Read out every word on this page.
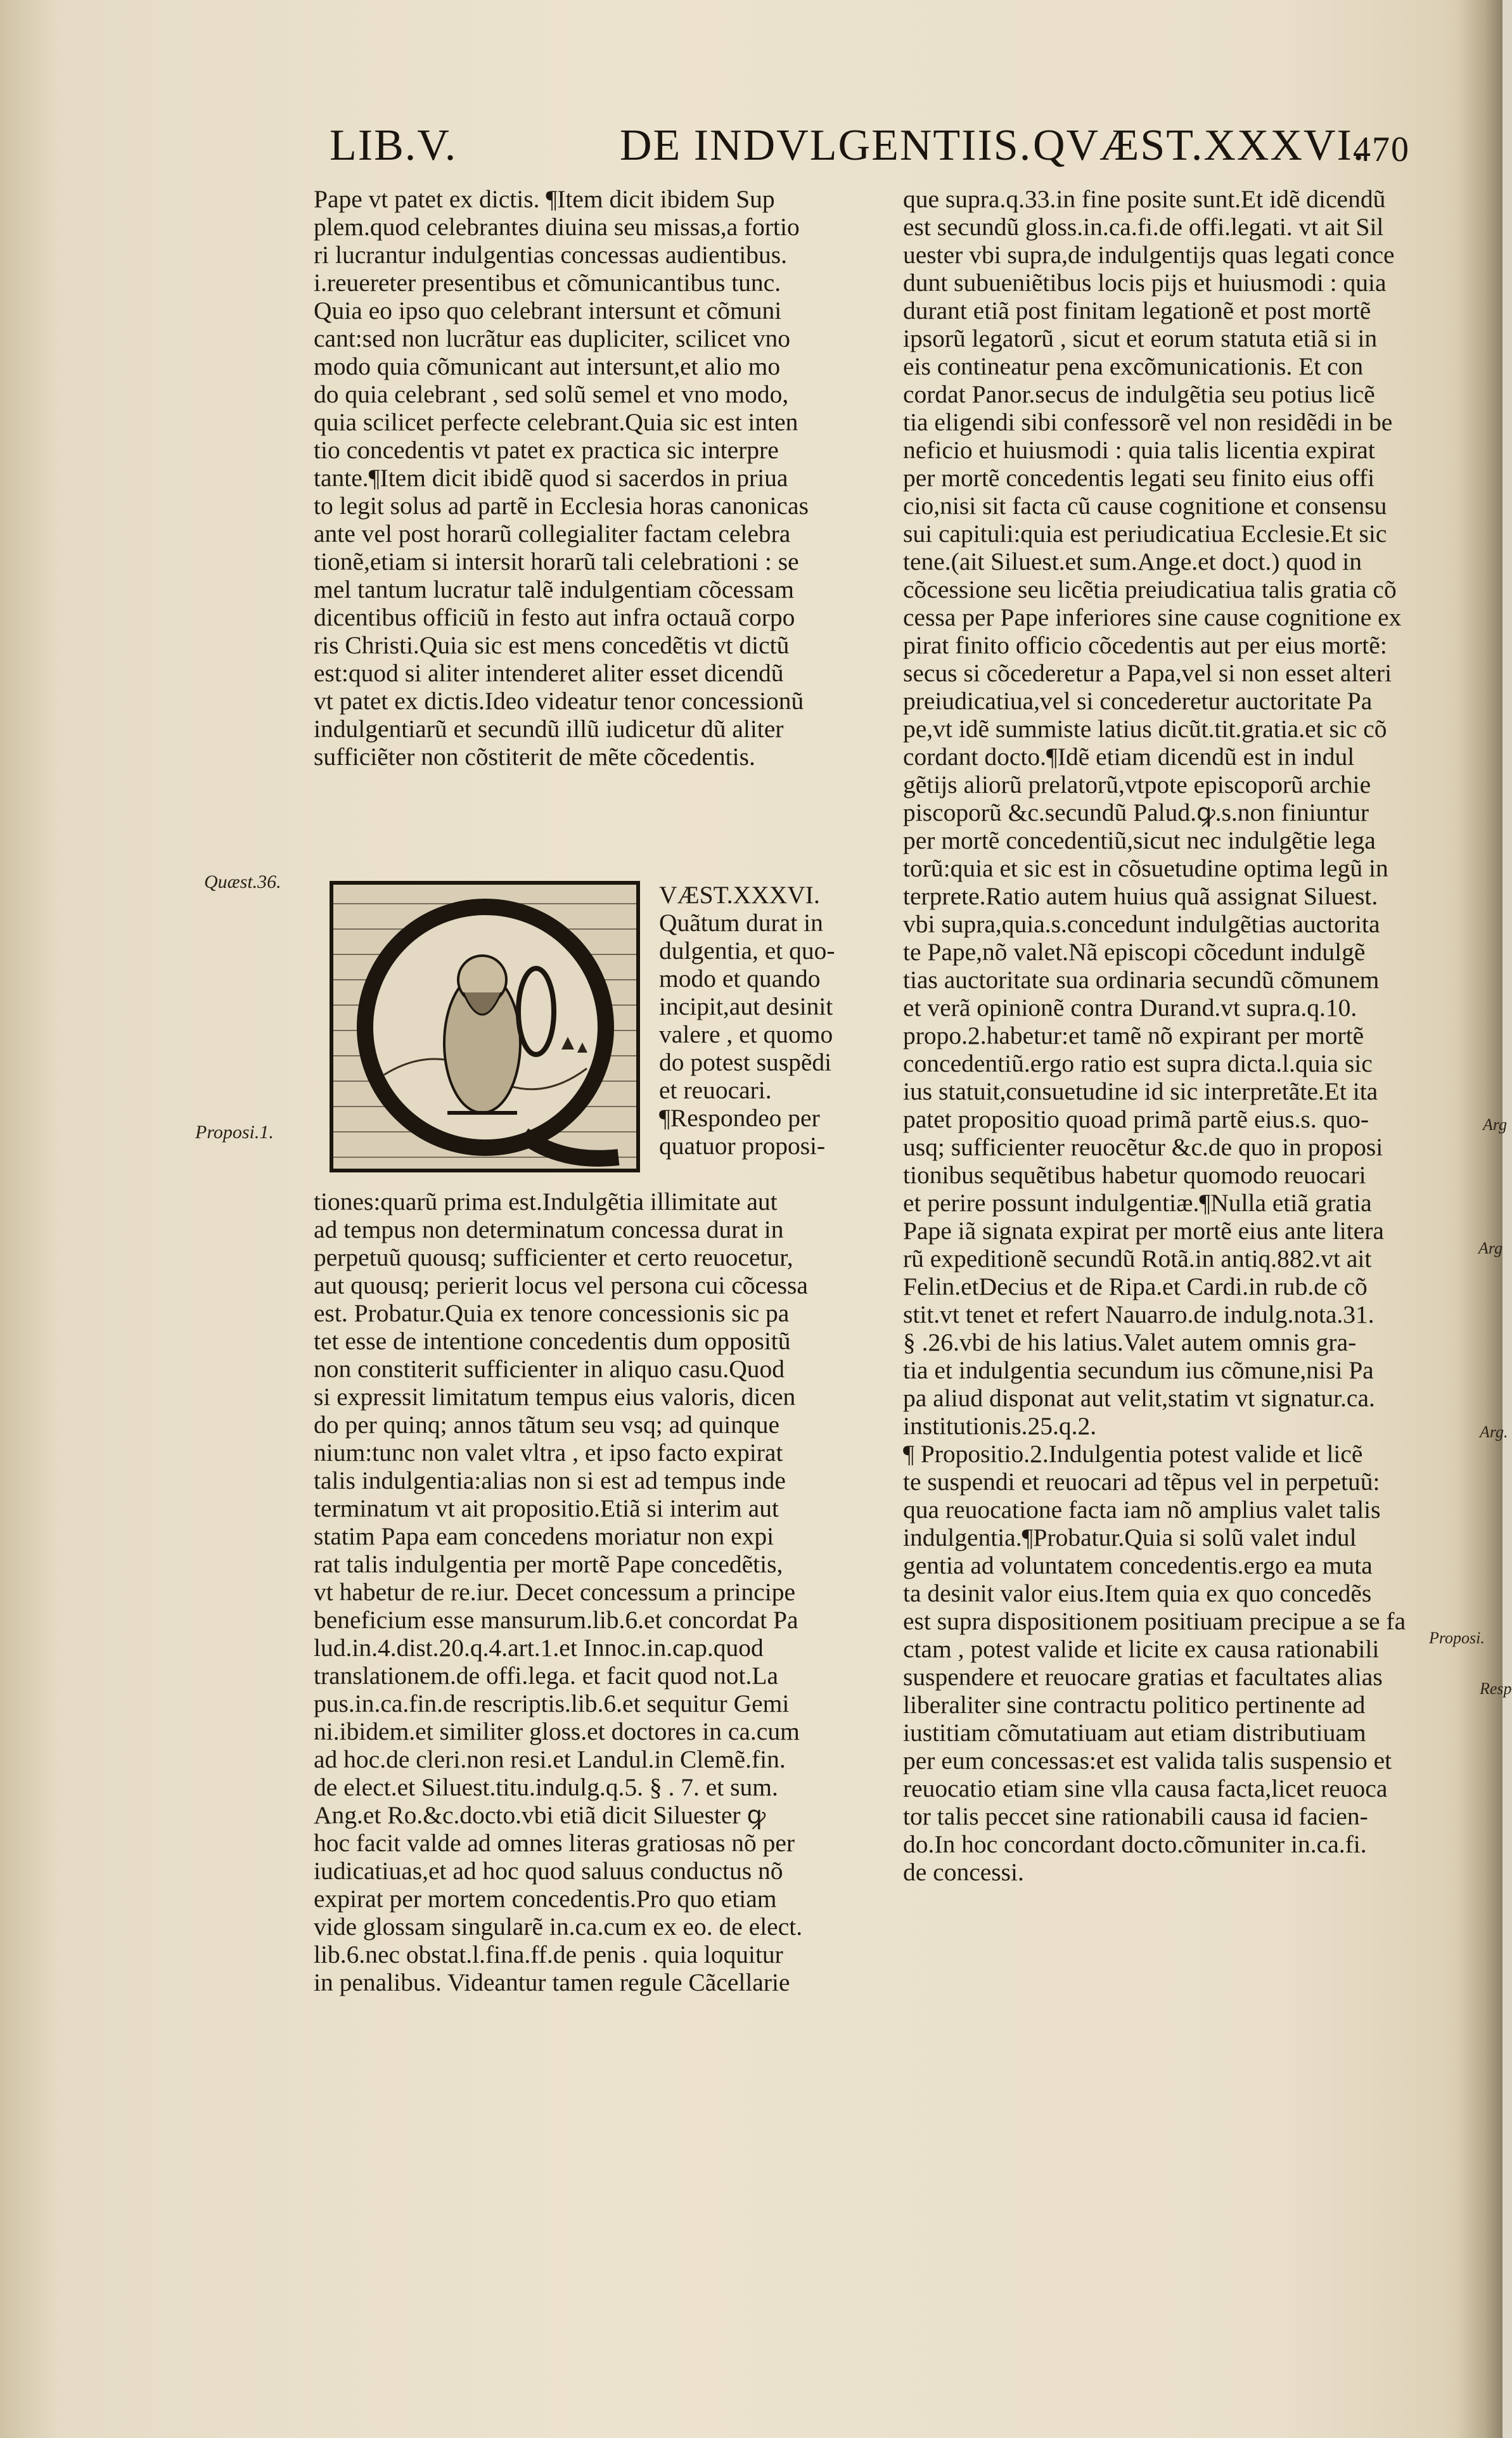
LIB.V.	DE INDVLGENTIIS. QVÆST.XXXVI.
470
Quæst.36.
Proposi.1.
Proposi.
Arg
Arg
Arg.
Resp
Pape vt patet ex dictis. ¶Item dicit ibidem Sup
plem.quod celebrantes diuina seu missas,a fortio
ri lucrantur indulgentias concessas audientibus.
i.reuereter presentibus et cõmunicantibus tunc.
Quia eo ipso quo celebrant intersunt et cõmuni
cant:sed non lucrãtur eas dupliciter, scilicet vno
modo quia cõmunicant aut intersunt,et alio mo
do quia celebrant , sed solũ semel et vno modo,
quia scilicet perfecte celebrant.Quia sic est inten
tio concedentis vt patet ex practica sic interpre
tante.¶Item dicit ibidẽ quod si sacerdos in priua
to legit solus ad partẽ in Ecclesia horas canonicas
ante vel post horarũ collegialiter factam celebra
tionẽ,etiam si intersit horarũ tali celebrationi : se
mel tantum lucratur talẽ indulgentiam cõcessam
dicentibus officiũ in festo aut infra octauã corpo
ris Christi.Quia sic est mens concedẽtis vt dictũ
est:quod si aliter intenderet aliter esset dicendũ
vt patet ex dictis.Ideo videatur tenor concessionũ
indulgentiarũ et secundũ illũ iudicetur dũ aliter
sufficiẽter non cõstiterit de mẽte cõcedentis.
VÆST.XXXVI.
Quãtum durat in
dulgentia, et quo-
modo et quando
incipit,aut desinit
valere , et quomo
do potest suspẽdi
et reuocari.
¶Respondeo per
quatuor proposi-
tiones:quarũ prima est.Indulgẽtia illimitate aut
ad tempus non determinatum concessa durat in
perpetuũ quousq; sufficienter et certo reuocetur,
aut quousq; perierit locus vel persona cui cõcessa
est. Probatur.Quia ex tenore concessionis sic pa
tet esse de intentione concedentis dum oppositũ
non constiterit sufficienter in aliquo casu.Quod
si expressit limitatum tempus eius valoris, dicen
do per quinq; annos tãtum seu vsq; ad quinque
nium:tunc non valet vltra , et ipso facto expirat
talis indulgentia:alias non si est ad tempus inde
terminatum vt ait propositio.Etiã si interim aut
statim Papa eam concedens moriatur non expi
rat talis indulgentia per mortẽ Pape concedẽtis,
vt habetur de re.iur. Decet concessum a principe
beneficium esse mansurum.lib.6.et concordat Pa
lud.in.4.dist.20.q.4.art.1.et Innoc.in.cap.quod
translationem.de offi.lega. et facit quod not.La
pus.in.ca.fin.de rescriptis.lib.6.et sequitur Gemi
ni.ibidem.et similiter gloss.et doctores in ca.cum
ad hoc.de cleri.non resi.et Landul.in Clemẽ.fin.
de elect.et Siluest.titu.indulg.q.5. § . 7. et sum.
Ang.et Ro.&c.docto.vbi etiã dicit Siluester ꝙ
hoc facit valde ad omnes literas gratiosas nõ per
iudicatiuas,et ad hoc quod saluus conductus nõ
expirat per mortem concedentis.Pro quo etiam
vide glossam singularẽ in.ca.cum ex eo. de elect.
lib.6.nec obstat.l.fina.ff.de penis . quia loquitur
in penalibus. Videantur tamen regule Cãcellarie
que supra.q.33.in fine posite sunt.Et idẽ dicendũ
est secundũ gloss.in.ca.fi.de offi.legati. vt ait Sil
uester vbi supra,de indulgentijs quas legati conce
dunt subueniẽtibus locis pijs et huiusmodi : quia
durant etiã post finitam legationẽ et post mortẽ
ipsorũ legatorũ , sicut et eorum statuta etiã si in
eis contineatur pena excõmunicationis. Et con
cordat Panor.secus de indulgẽtia seu potius licẽ
tia eligendi sibi confessorẽ vel non residẽdi in be
neficio et huiusmodi : quia talis licentia expirat
per mortẽ concedentis legati seu finito eius offi
cio,nisi sit facta cũ cause cognitione et consensu
sui capituli:quia est periudicatiua Ecclesie.Et sic
tene.(ait Siluest.et sum.Ange.et doct.) quod in
cõcessione seu licẽtia preiudicatiua talis gratia cõ
cessa per Pape inferiores sine cause cognitione ex
pirat finito officio cõcedentis aut per eius mortẽ:
secus si cõcederetur a Papa,vel si non esset alteri
preiudicatiua,vel si concederetur auctoritate Pa
pe,vt idẽ summiste latius dicũt.tit.gratia.et sic cõ
cordant docto.¶Idẽ etiam dicendũ est in indul
gẽtijs aliorũ prelatorũ,vtpote episcoporũ archie
piscoporũ &c.secundũ Palud.ꝙ.s.non finiuntur
per mortẽ concedentiũ,sicut nec indulgẽtie lega
torũ:quia et sic est in cõsuetudine optima legũ in
terprete.Ratio autem huius quã assignat Siluest.
vbi supra,quia.s.concedunt indulgẽtias auctorita
te Pape,nõ valet.Nã episcopi cõcedunt indulgẽ
tias auctoritate sua ordinaria secundũ cõmunem
et verã opinionẽ contra Durand.vt supra.q.10.
propo.2.habetur:et tamẽ nõ expirant per mortẽ
concedentiũ.ergo ratio est supra dicta.l.quia sic
ius statuit,consuetudine id sic interpretãte.Et ita
patet propositio quoad primã partẽ eius.s. quo-
usq; sufficienter reuocẽtur &c.de quo in proposi
tionibus sequẽtibus habetur quomodo reuocari
et perire possunt indulgentiæ.¶Nulla etiã gratia
Pape iã signata expirat per mortẽ eius ante litera
rũ expeditionẽ secundũ Rotã.in antiq.882.vt ait
Felin.etDecius et de Ripa.et Cardi.in rub.de cõ
stit.vt tenet et refert Nauarro.de indulg.nota.31.
§ .26.vbi de his latius.Valet autem omnis gra-
tia et indulgentia secundum ius cõmune,nisi Pa
pa aliud disponat aut velit,statim vt signatur.ca.
institutionis.25.q.2.
¶ Propositio.2.Indulgentia potest valide et licẽ
te suspendi et reuocari ad tẽpus vel in perpetuũ:
qua reuocatione facta iam nõ amplius valet talis
indulgentia.¶Probatur.Quia si solũ valet indul
gentia ad voluntatem concedentis.ergo ea muta
ta desinit valor eius.Item quia ex quo concedẽs
est supra dispositionem positiuam precipue a se fa
ctam , potest valide et licite ex causa rationabili
suspendere et reuocare gratias et facultates alias
liberaliter sine contractu politico pertinente ad
iustitiam cõmutatiuam aut etiam distributiuam
per eum concessas:et est valida talis suspensio et
reuocatio etiam sine vlla causa facta,licet reuoca
tor talis peccet sine rationabili causa id facien-
do.In hoc concordant docto.cõmuniter in.ca.fi.
de concessi.
